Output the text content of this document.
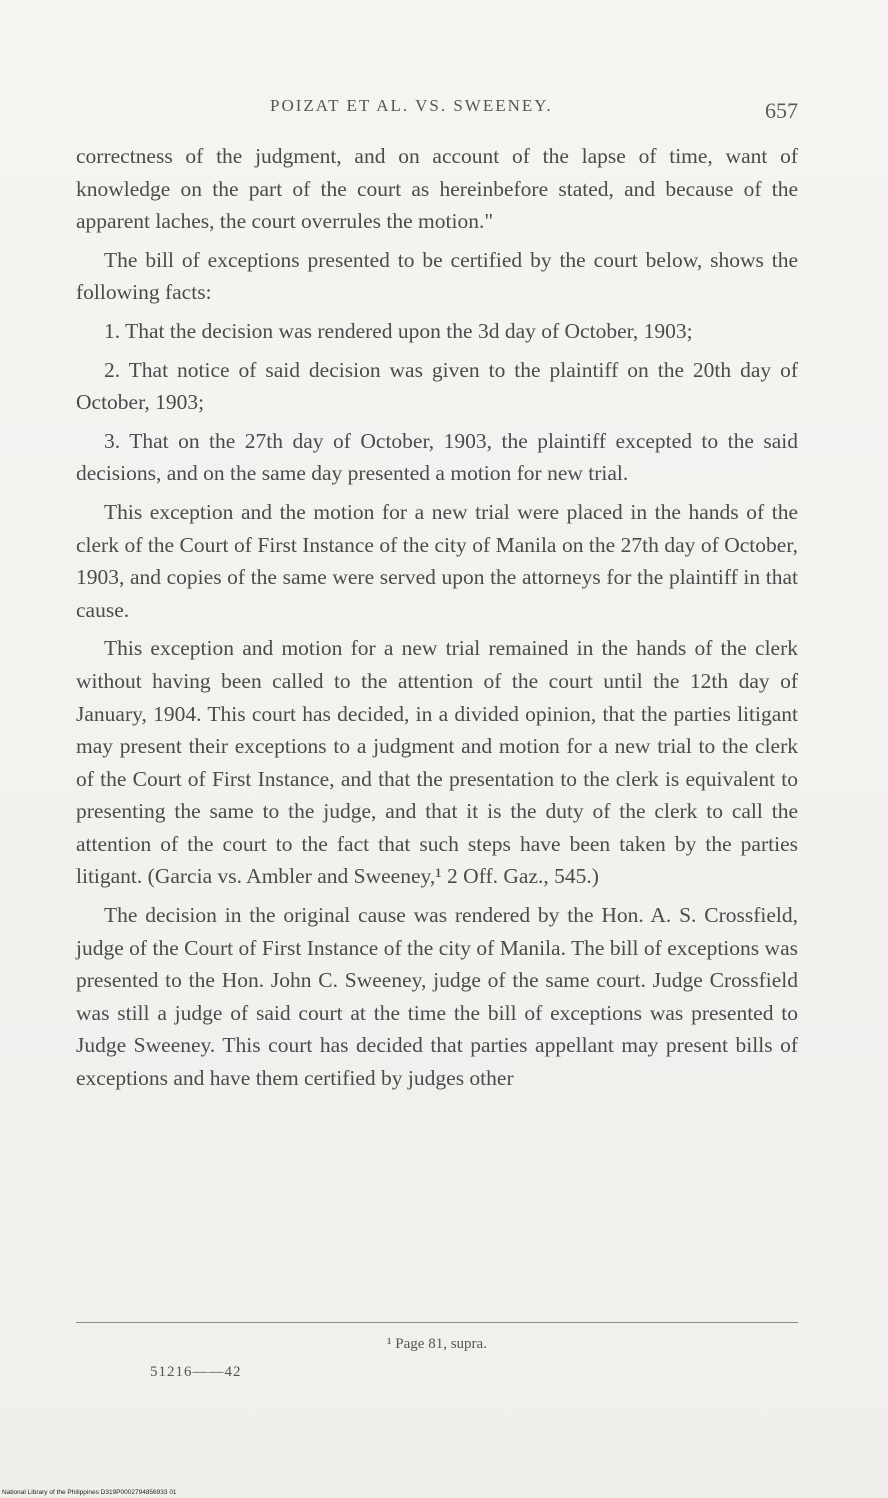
POIZAT ET AL. VS. SWEENEY.	657

correctness of the judgment, and on account of the lapse of time, want of knowledge on the part of the court as hereinbefore stated, and because of the apparent laches, the court overrules the motion."

The bill of exceptions presented to be certified by the court below, shows the following facts:

1. That the decision was rendered upon the 3d day of October, 1903;

2. That notice of said decision was given to the plaintiff on the 20th day of October, 1903;

3. That on the 27th day of October, 1903, the plaintiff excepted to the said decisions, and on the same day presented a motion for new trial.

This exception and the motion for a new trial were placed in the hands of the clerk of the Court of First Instance of the city of Manila on the 27th day of October, 1903, and copies of the same were served upon the attorneys for the plaintiff in that cause.

This exception and motion for a new trial remained in the hands of the clerk without having been called to the attention of the court until the 12th day of January, 1904. This court has decided, in a divided opinion, that the parties litigant may present their exceptions to a judgment and motion for a new trial to the clerk of the Court of First Instance, and that the presentation to the clerk is equivalent to presenting the same to the judge, and that it is the duty of the clerk to call the attention of the court to the fact that such steps have been taken by the parties litigant. (Garcia vs. Ambler and Sweeney,¹ 2 Off. Gaz., 545.)

The decision in the original cause was rendered by the Hon. A. S. Crossfield, judge of the Court of First Instance of the city of Manila. The bill of exceptions was presented to the Hon. John C. Sweeney, judge of the same court. Judge Crossfield was still a judge of said court at the time the bill of exceptions was presented to Judge Sweeney. This court has decided that parties appellant may present bills of exceptions and have them certified by judges other

¹ Page 81, supra.
51216——42
National Library of the Philippines D319P0002794856933 01
